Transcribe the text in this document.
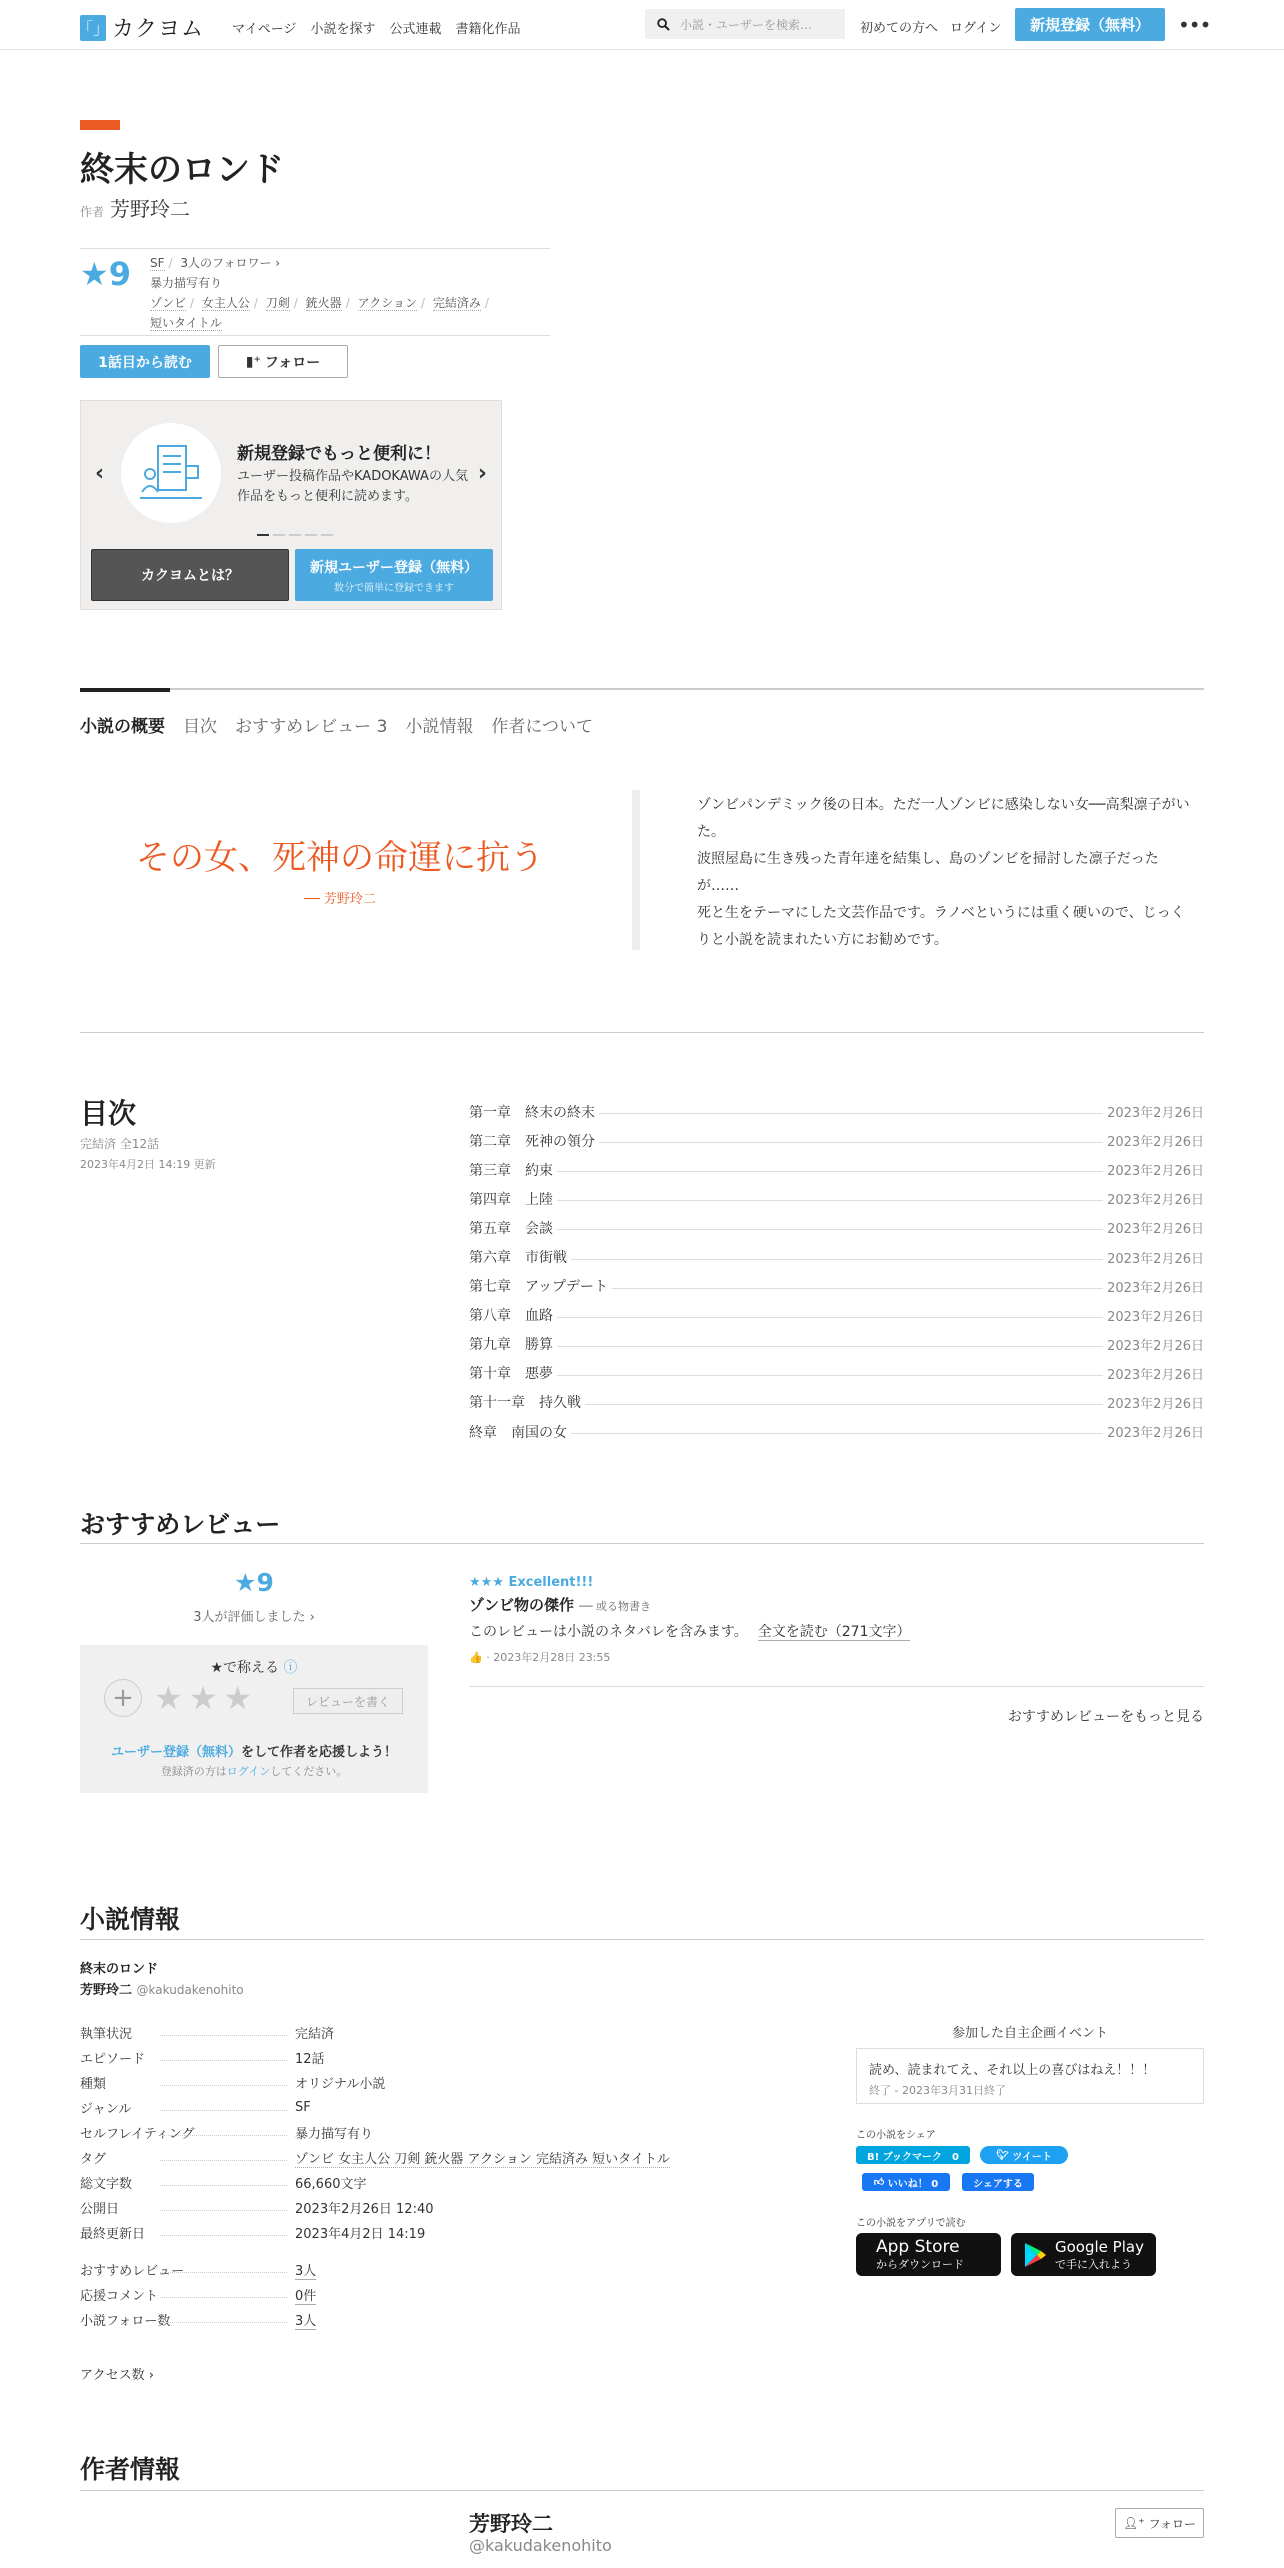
「」 カクヨム マイページ 小説を探す 公式連載 書籍化作品	小説・ユーザーを検索…	初めての方へ ログイン	新規登録（無料）	•••
終末のロンド
作者 芳野玲二
★9 SF / 3人のフォロワー ›
暴力描写有り
ゾンビ / 女主人公 / 刀剣 / 銃火器 / アクション / 完結済み /
短いタイトル
1話目から読む	▮⁺ フォロー
‹	›
新規登録でもっと便利に！
ユーザー投稿作品やKADOKAWAの人気作品をもっと便利に読めます。
カクヨムとは？
新規ユーザー登録（無料）
数分で簡単に登録できます
小説の概要 目次 おすすめレビュー 3 小説情報 作者について
その女、死神の命運に抗う
── 芳野玲二

ゾンビパンデミック後の日本。ただ一人ゾンビに感染しない女──高梨凛子がいた。

波照屋島に生き残った青年達を結集し、島のゾンビを掃討した凛子だったが……

死と生をテーマにした文芸作品です。ラノベというには重く硬いので、じっくりと小説を読まれたい方にお勧めです。

目次
完結済 全12話
2023年4月2日 14:19 更新
第一章　終末の終末	2023年2月26日
第二章　死神の領分	2023年2月26日
第三章　約束	2023年2月26日
第四章　上陸	2023年2月26日
第五章　会談	2023年2月26日
第六章　市街戦	2023年2月26日
第七章　アップデート	2023年2月26日
第八章　血路	2023年2月26日
第九章　勝算	2023年2月26日
第十章　悪夢	2023年2月26日
第十一章　持久戦	2023年2月26日
終章　南国の女	2023年2月26日
おすすめレビュー
★9
3人が評価しました ›
★で称える ⓘ
+ ★★★	レビューを書く
ユーザー登録（無料）をして作者を応援しよう！
登録済の方はログインしてください。
★★★ Excellent!!!
ゾンビ物の傑作 ── 或る物書き
このレビューは小説のネタバレを含みます。 全文を読む（271文字）
👍 · 2023年2月28日 23:55
おすすめレビューをもっと見る
小説情報
終末のロンド
芳野玲二 @kakudakenohito
執筆状況	完結済
エピソード	12話
種類	オリジナル小説
ジャンル	SF
セルフレイティング	暴力描写有り
タグ	ゾンビ 女主人公 刀剣 銃火器 アクション 完結済み 短いタイトル
総文字数	66,660文字
公開日	2023年2月26日 12:40
最終更新日	2023年4月2日 14:19
おすすめレビュー	3人
応援コメント	0件
小説フォロー数	3人
アクセス数 ›
参加した自主企画イベント
読め、読まれてえ、それ以上の喜びはねえ！！！
終了 - 2023年3月31日終了
この小説をシェア
B! ブックマーク　0	🐦︎
ツイート
👍︎
いいね！ 0	シェアする
この小説をアプリで読む
App Store
からダウンロード
Google Play
で手に入れよう
作者情報
芳野玲二
@kakudakenohito
👤︎⁺ フォロー
